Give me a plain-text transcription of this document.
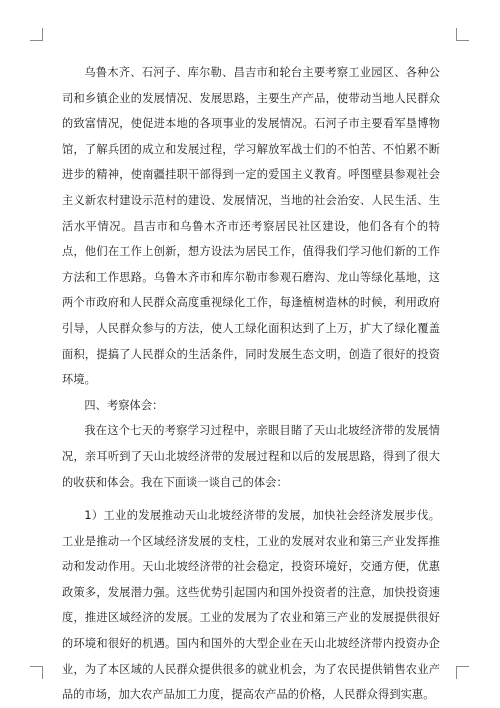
乌鲁木齐、石河子、库尔勒、昌吉市和轮台主要考察工业园区、各种公司和乡镇企业的发展情况、发展思路，主要生产产品，使带动当地人民群众的致富情况，使促进本地的各项事业的发展情况。石河子市主要看军垦博物馆，了解兵团的成立和发展过程，学习解放军战士们的不怕苦、不怕累不断进步的精神，使南疆挂职干部得到一定的爱国主义教育。呼图壁县参观社会主义新农村建设示范村的建设、发展情况，当地的社会治安、人民生活、生活水平情况。昌吉市和乌鲁木齐市还考察居民社区建设，他们各有个的特点，他们在工作上创新，想方设法为居民工作，值得我们学习他们新的工作方法和工作思路。乌鲁木齐市和库尔勒市参观石磨沟、龙山等绿化基地，这两个市政府和人民群众高度重视绿化工作，每逢植树造林的时候，利用政府引导，人民群众参与的方法，使人工绿化面积达到了上万，扩大了绿化覆盖面积，提搞了人民群众的生活条件，同时发展生态文明，创造了很好的投资环境。

四、考察体会：

我在这个七天的考察学习过程中，亲眼目睹了天山北坡经济带的发展情况，亲耳听到了天山北坡经济带的发展过程和以后的发展思路，得到了很大的收获和体会。我在下面谈一谈自己的体会：

1）工业的发展推动天山北坡经济带的发展，加快社会经济发展步伐。工业是推动一个区域经济发展的支柱，工业的发展对农业和第三产业发挥推动和发动作用。天山北坡经济带的社会稳定，投资环境好，交通方便，优惠政策多，发展潜力强。这些优势引起国内和国外投资者的注意，加快投资速度，推进区域经济的发展。工业的发展为了农业和第三产业的发展提供很好的环境和很好的机遇。国内和国外的大型企业在天山北坡经济带内投资办企业，为了本区域的人民群众提供很多的就业机会，为了农民提供销售农业产品的市场，加大农产品加工力度，提高农产品的价格，人民群众得到实惠。
